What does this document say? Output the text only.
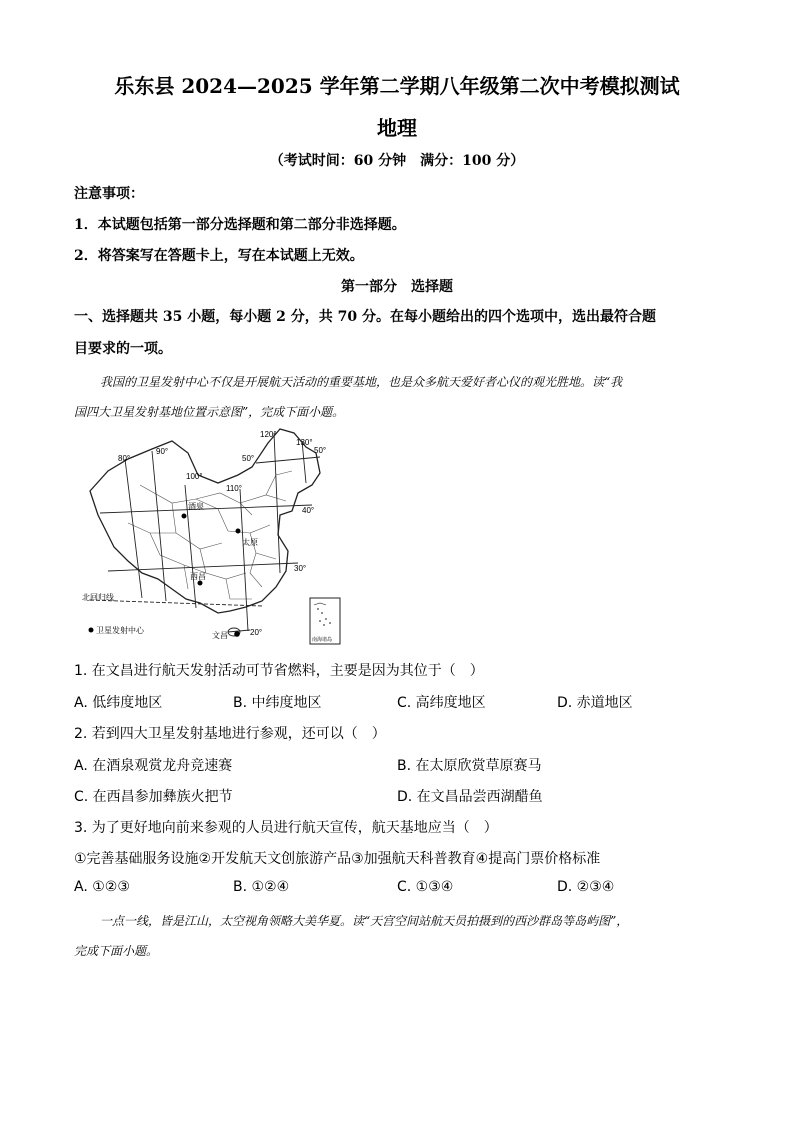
乐东县 2024—2025 学年第二学期八年级第二次中考模拟测试
地理
（考试时间：60 分钟　满分：100 分）
注意事项：
1．本试题包括第一部分选择题和第二部分非选择题。
2．将答案写在答题卡上，写在本试题上无效。
第一部分　选择题
一、选择题共 35 小题，每小题 2 分，共 70 分。在每小题给出的四个选项中，选出最符合题
目要求的一项。
我国的卫星发射中心不仅是开展航天活动的重要基地，也是众多航天爱好者心仪的观光胜地。读“我
国四大卫星发射基地位置示意图”，完成下面小题。
80°
90°
100°
110°
120°
130°
50°
50°
40°
30°
20°
酒泉
太原
西昌
文昌
北回归线
卫星发射中心
南海诸岛
1. 在文昌进行航天发射活动可节省燃料，主要是因为其位于（　）
A. 低纬度地区	B. 中纬度地区	C. 高纬度地区	D. 赤道地区
2. 若到四大卫星发射基地进行参观，还可以（　）
A. 在酒泉观赏龙舟竞速赛	B. 在太原欣赏草原赛马
C. 在西昌参加彝族火把节	D. 在文昌品尝西湖醋鱼
3. 为了更好地向前来参观的人员进行航天宣传，航天基地应当（　）
①完善基础服务设施②开发航天文创旅游产品③加强航天科普教育④提高门票价格标准
A. ①②③	B. ①②④	C. ①③④	D. ②③④
一点一线，皆是江山，太空视角领略大美华夏。读“天宫空间站航天员拍摄到的西沙群岛等岛屿图”，
完成下面小题。
